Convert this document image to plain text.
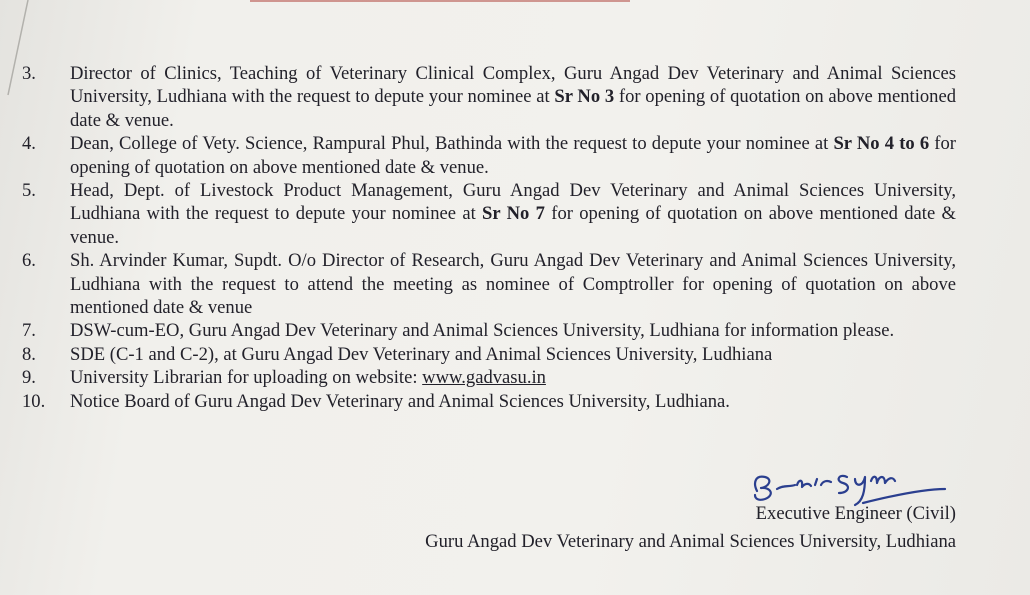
3.	Director of Clinics, Teaching of Veterinary Clinical Complex, Guru Angad Dev Veterinary and Animal Sciences University, Ludhiana with the request to depute your nominee at Sr No 3 for opening of quotation on above mentioned date & venue.
4.	Dean, College of Vety. Science, Rampural Phul, Bathinda with the request to depute your nominee at Sr No 4 to 6 for opening of quotation on above mentioned date & venue.
5.	Head, Dept. of Livestock Product Management, Guru Angad Dev Veterinary and Animal Sciences University, Ludhiana with the request to depute your nominee at Sr No 7 for opening of quotation on above mentioned date & venue.
6.	Sh. Arvinder Kumar, Supdt. O/o Director of Research, Guru Angad Dev Veterinary and Animal Sciences University, Ludhiana with the request to attend the meeting as nominee of Comptroller for opening of quotation on above mentioned date & venue
7.	DSW-cum-EO, Guru Angad Dev Veterinary and Animal Sciences University, Ludhiana for information please.
8.	SDE (C-1 and C-2), at Guru Angad Dev Veterinary and Animal Sciences University, Ludhiana
9.	University Librarian for uploading on website: www.gadvasu.in
10.	Notice Board of Guru Angad Dev Veterinary and Animal Sciences University, Ludhiana.
Executive Engineer (Civil)
Guru Angad Dev Veterinary and Animal Sciences University, Ludhiana
